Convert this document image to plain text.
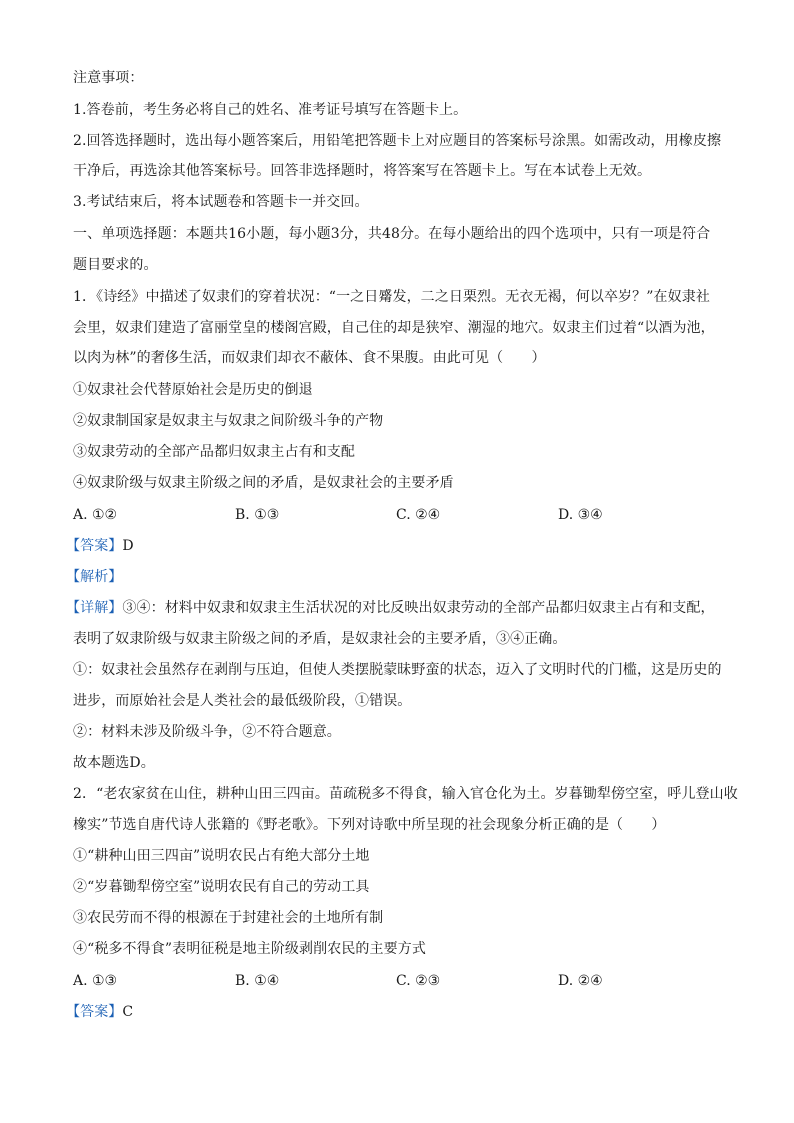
注意事项：
1.答卷前，考生务必将自己的姓名、准考证号填写在答题卡上。
2.回答选择题时，选出每小题答案后，用铅笔把答题卡上对应题目的答案标号涂黑。如需改动，用橡皮擦
干净后，再选涂其他答案标号。回答非选择题时，将答案写在答题卡上。写在本试卷上无效。
3.考试结束后，将本试题卷和答题卡一并交回。
一、单项选择题：本题共16小题，每小题3分，共48分。在每小题给出的四个选项中，只有一项是符合
题目要求的。
1．《诗经》中描述了奴隶们的穿着状况：“一之日觱发，二之日栗烈。无衣无褐，何以卒岁？”在奴隶社
会里，奴隶们建造了富丽堂皇的楼阁宫殿，自己住的却是狭窄、潮湿的地穴。奴隶主们过着“以酒为池，
以肉为林”的奢侈生活，而奴隶们却衣不蔽体、食不果腹。由此可见（　　）
①奴隶社会代替原始社会是历史的倒退
②奴隶制国家是奴隶主与奴隶之间阶级斗争的产物
③奴隶劳动的全部产品都归奴隶主占有和支配
④奴隶阶级与奴隶主阶级之间的矛盾，是奴隶社会的主要矛盾
A. ①②	B. ①③	C. ②④	D. ③④
【答案】D
【解析】
【详解】③④：材料中奴隶和奴隶主生活状况的对比反映出奴隶劳动的全部产品都归奴隶主占有和支配，
表明了奴隶阶级与奴隶主阶级之间的矛盾，是奴隶社会的主要矛盾，③④正确。
①：奴隶社会虽然存在剥削与压迫，但使人类摆脱蒙昧野蛮的状态，迈入了文明时代的门槛，这是历史的
进步，而原始社会是人类社会的最低级阶段，①错误。
②：材料未涉及阶级斗争，②不符合题意。
故本题选D。
2．“老农家贫在山住，耕种山田三四亩。苗疏税多不得食，输入官仓化为土。岁暮锄犁傍空室，呼儿登山收
橡实”节选自唐代诗人张籍的《野老歌》。下列对诗歌中所呈现的社会现象分析正确的是（　　）
①“耕种山田三四亩”说明农民占有绝大部分土地
②“岁暮锄犁傍空室”说明农民有自己的劳动工具
③农民劳而不得的根源在于封建社会的土地所有制
④“税多不得食”表明征税是地主阶级剥削农民的主要方式
A. ①③	B. ①④	C. ②③	D. ②④
【答案】C
